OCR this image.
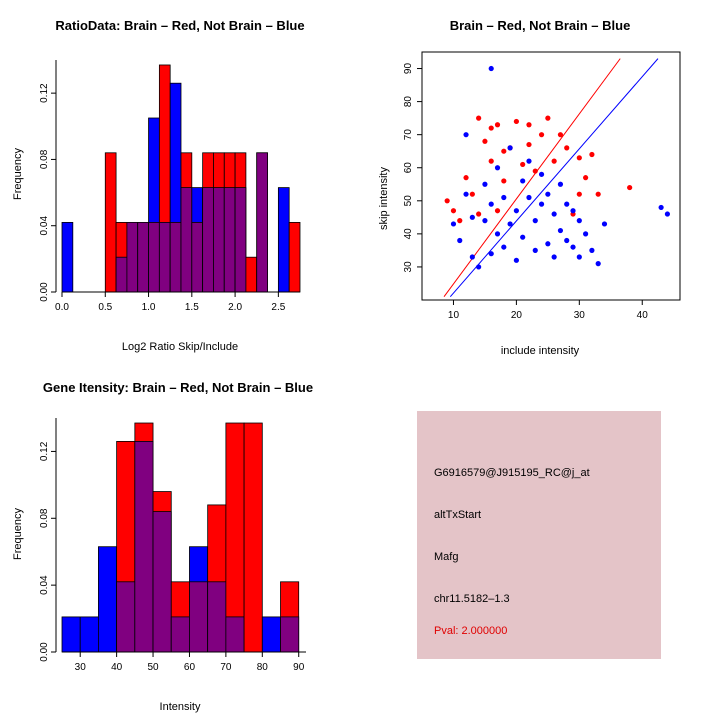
RatioData: Brain – Red, Not Brain – Blue
Frequency
Log2 Ratio Skip/Include
0.0	0.5	1.0	1.5	2.0	2.5
0.00
0.04
0.08
0.12
Brain – Red, Not Brain – Blue
skip intensity
include intensity
10	20	30	40
30
40
50
60
70
80
90
Gene Itensity: Brain – Red, Not Brain – Blue
Frequency
Intensity
30	40	50	60	70	80	90
0.00
0.04
0.08
0.12
G6916579@J915195_RC@j_at
altTxStart
Mafg
chr11.5182–1.3
Pval: 2.000000
